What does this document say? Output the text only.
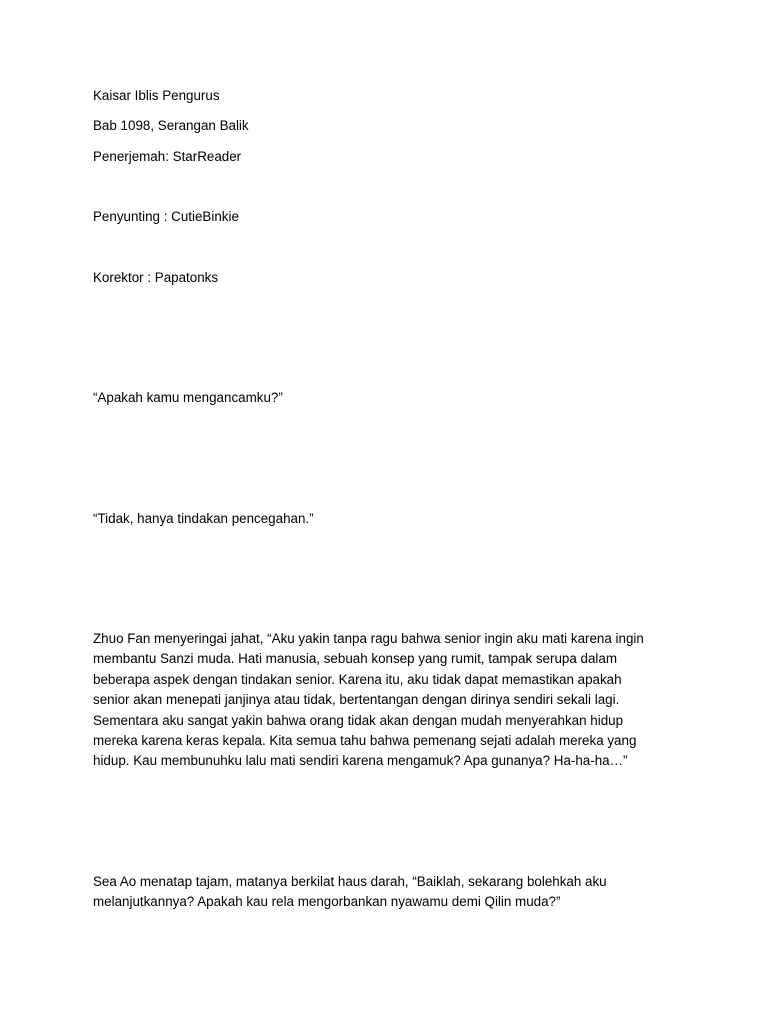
Kaisar Iblis Pengurus
Bab 1098, Serangan Balik
Penerjemah: StarReader
Penyunting : CutieBinkie
Korektor : Papatonks
“Apakah kamu mengancamku?”
“Tidak, hanya tindakan pencegahan.”
Zhuo Fan menyeringai jahat, “Aku yakin tanpa ragu bahwa senior ingin aku mati karena ingin
membantu Sanzi muda. Hati manusia, sebuah konsep yang rumit, tampak serupa dalam
beberapa aspek dengan tindakan senior. Karena itu, aku tidak dapat memastikan apakah
senior akan menepati janjinya atau tidak, bertentangan dengan dirinya sendiri sekali lagi.
Sementara aku sangat yakin bahwa orang tidak akan dengan mudah menyerahkan hidup
mereka karena keras kepala. Kita semua tahu bahwa pemenang sejati adalah mereka yang
hidup. Kau membunuhku lalu mati sendiri karena mengamuk? Apa gunanya? Ha-ha-ha…”
Sea Ao menatap tajam, matanya berkilat haus darah, “Baiklah, sekarang bolehkah aku
melanjutkannya? Apakah kau rela mengorbankan nyawamu demi Qilin muda?”
